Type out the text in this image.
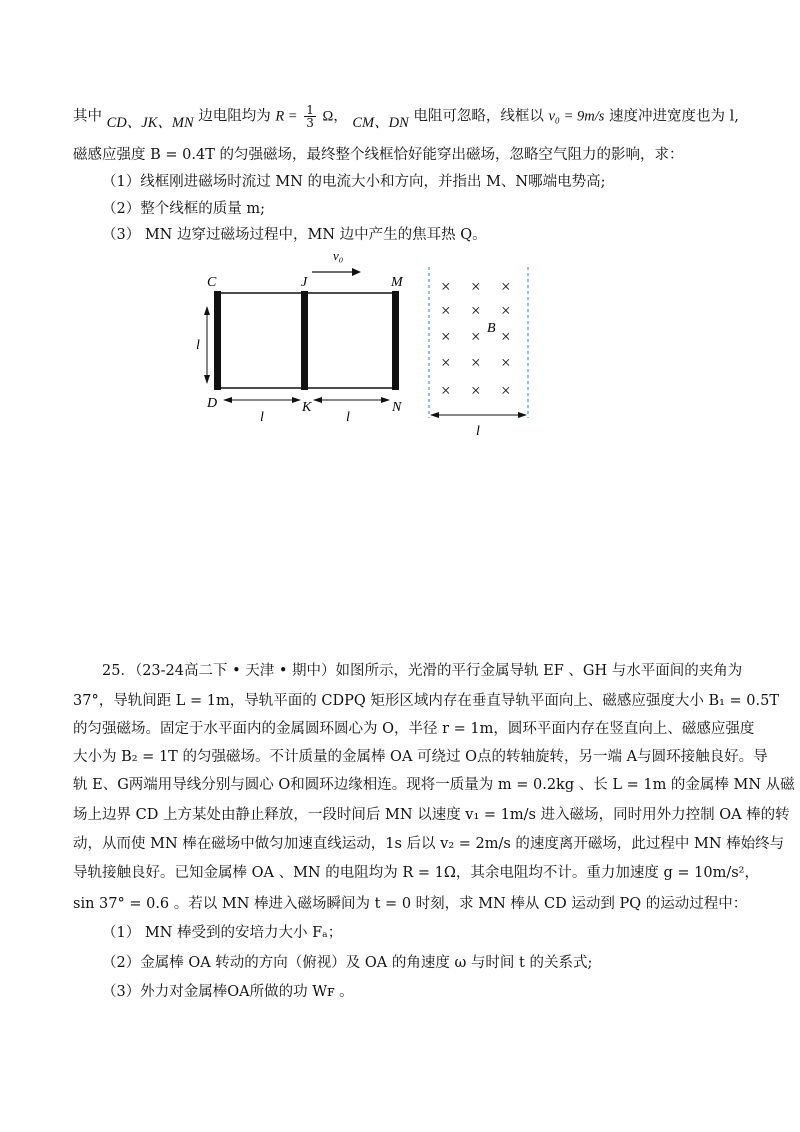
其中 CD、JK、MN 边电阻均为 $R = \frac{1}{3}$ Ω， CM、DN 电阻可忽略，线框以 v₀ = 9m/s 速度冲进宽度也为 l,
磁感应强度 B = 0.4T 的匀强磁场，最终整个线框恰好能穿出磁场，忽略空气阻力的影响，求：
（1）线框刚进磁场时流过 MN 的电流大小和方向，并指出 M、N哪端电势高;
（2）整个线框的质量 m;
（3） MN 边穿过磁场过程中，MN 边中产生的焦耳热 Q。
v₀
C	J	M
D	K	N
l
l	l
× × ×
× × ×
× × ×
× × ×
× × ×
B
l
25．（23-24高二下 • 天津 • 期中）如图所示，光滑的平行金属导轨 EF 、GH 与水平面间的夹角为
37°，导轨间距 L = 1m，导轨平面的 CDPQ 矩形区域内存在垂直导轨平面向上、磁感应强度大小 B₁ = 0.5T
的匀强磁场。固定于水平面内的金属圆环圆心为 O，半径 r = 1m，圆环平面内存在竖直向上、磁感应强度
大小为 B₂ = 1T 的匀强磁场。不计质量的金属棒 OA 可绕过 O点的转轴旋转，另一端 A与圆环接触良好。导
轨 E、G两端用导线分别与圆心 O和圆环边缘相连。现将一质量为 m = 0.2kg 、长 L = 1m 的金属棒 MN 从磁
场上边界 CD 上方某处由静止释放，一段时间后 MN 以速度 v₁ = 1m/s 进入磁场，同时用外力控制 OA 棒的转
动，从而使 MN 棒在磁场中做匀加速直线运动，1s 后以 v₂ = 2m/s 的速度离开磁场，此过程中 MN 棒始终与
导轨接触良好。已知金属棒 OA 、MN 的电阻均为 R = 1Ω，其余电阻均不计。重力加速度 g = 10m/s²，
sin 37° = 0.6 。若以 MN 棒进入磁场瞬间为 t = 0 时刻，求 MN 棒从 CD 运动到 PQ 的运动过程中：
（1） MN 棒受到的安培力大小 Fₐ；
（2）金属棒 OA 转动的方向（俯视）及 OA 的角速度 ω 与时间 t 的关系式;
（3）外力对金属棒OA所做的功 Wꜰ 。
